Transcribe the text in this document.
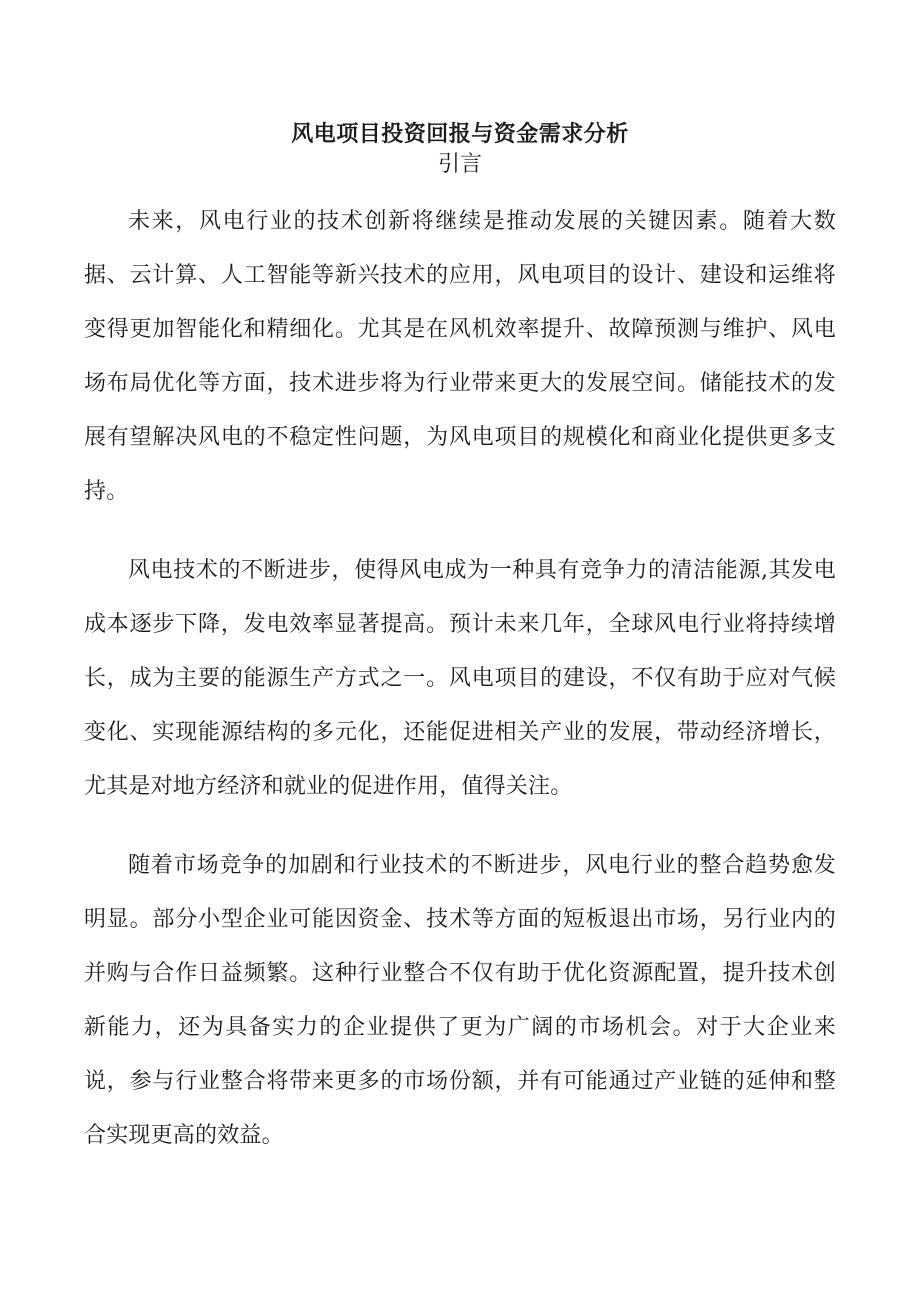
风电项目投资回报与资金需求分析
引言

未来，风电行业的技术创新将继续是推动发展的关键因素。随着大数据、云计算、人工智能等新兴技术的应用，风电项目的设计、建设和运维将变得更加智能化和精细化。尤其是在风机效率提升、故障预测与维护、风电场布局优化等方面，技术进步将为行业带来更大的发展空间。储能技术的发展有望解决风电的不稳定性问题，为风电项目的规模化和商业化提供更多支持。

风电技术的不断进步，使得风电成为一种具有竞争力的清洁能源,其发电成本逐步下降，发电效率显著提高。预计未来几年，全球风电行业将持续增长，成为主要的能源生产方式之一。风电项目的建设，不仅有助于应对气候变化、实现能源结构的多元化，还能促进相关产业的发展，带动经济增长，尤其是对地方经济和就业的促进作用，值得关注。

随着市场竞争的加剧和行业技术的不断进步，风电行业的整合趋势愈发明显。部分小型企业可能因资金、技术等方面的短板退出市场，另行业内的并购与合作日益频繁。这种行业整合不仅有助于优化资源配置，提升技术创新能力，还为具备实力的企业提供了更为广阔的市场机会。对于大企业来说，参与行业整合将带来更多的市场份额，并有可能通过产业链的延伸和整合实现更高的效益。
